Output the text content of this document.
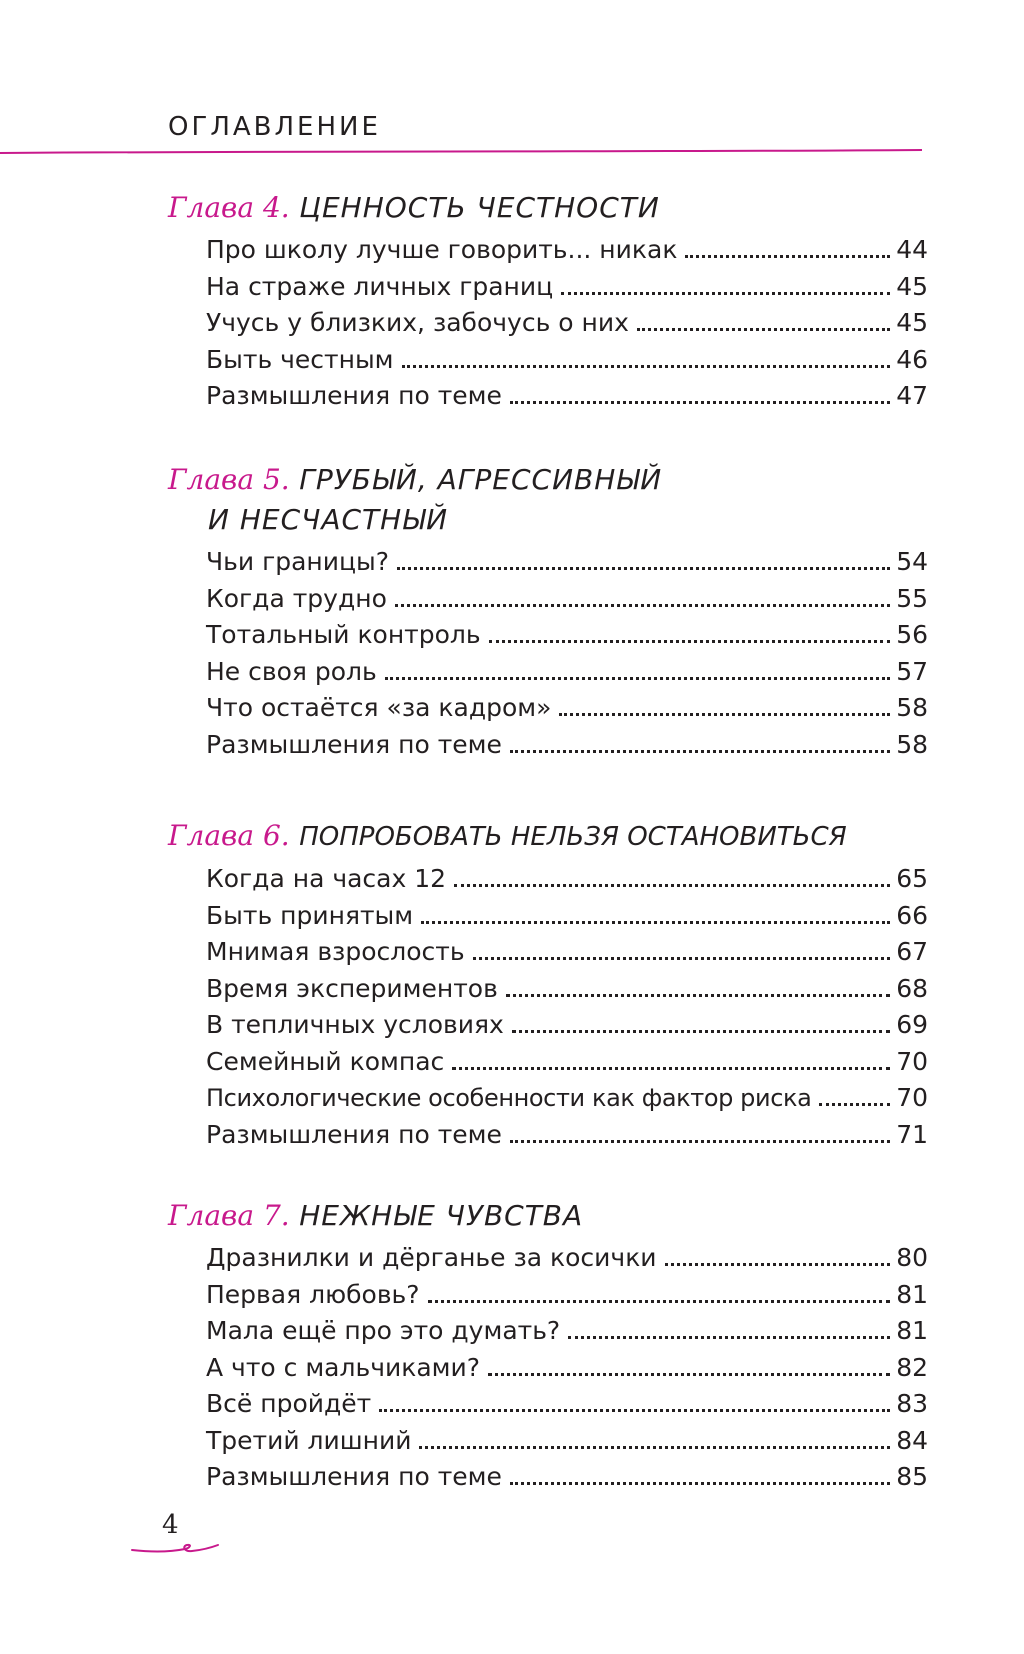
ОГЛАВЛЕНИЕ
Глава 4. ЦЕННОСТЬ ЧЕСТНОСТИ
Про школу лучше говорить... никак	44
На страже личных границ	45
Учусь у близких, забочусь о них	45
Быть честным	46
Размышления по теме	47
Глава 5. ГРУБЫЙ, АГРЕССИВНЫЙ
И НЕСЧАСТНЫЙ
Чьи границы?	54
Когда трудно	55
Тотальный контроль	56
Не своя роль	57
Что остаётся «за кадром»	58
Размышления по теме	58
Глава 6. ПОПРОБОВАТЬ НЕЛЬЗЯ ОСТАНОВИТЬСЯ
Когда на часах 12	65
Быть принятым	66
Мнимая взрослость	67
Время экспериментов	68
В тепличных условиях	69
Семейный компас	70
Психологические особенности как фактор риска	70
Размышления по теме	71
Глава 7. НЕЖНЫЕ ЧУВСТВА
Дразнилки и дёрганье за косички	80
Первая любовь?	81
Мала ещё про это думать?	81
А что с мальчиками?	82
Всё пройдёт	83
Третий лишний	84
Размышления по теме	85
4
